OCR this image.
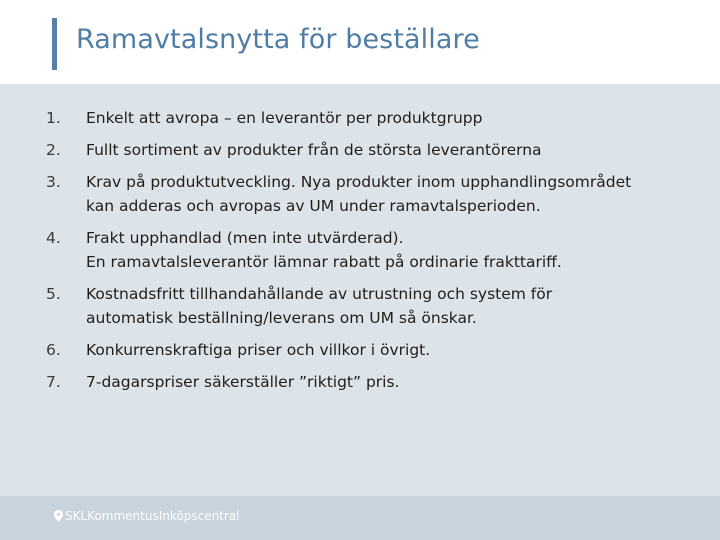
Ramavtalsnytta för beställare
1. Enkelt att avropa – en leverantör per produktgrupp
2. Fullt sortiment av produkter från de största leverantörerna
3. Krav på produktutveckling. Nya produkter inom upphandlingsområdet
kan adderas och avropas av UM under ramavtalsperioden.
4. Frakt upphandlad (men inte utvärderad).
En ramavtalsleverantör lämnar rabatt på ordinarie frakttariff.
5. Kostnadsfritt tillhandahållande av utrustning och system för
automatisk beställning/leverans om UM så önskar.
6. Konkurrenskraftiga priser och villkor i övrigt.
7. 7-dagarspriser säkerställer ”riktigt” pris.
SKLKommentusInköpscentral
